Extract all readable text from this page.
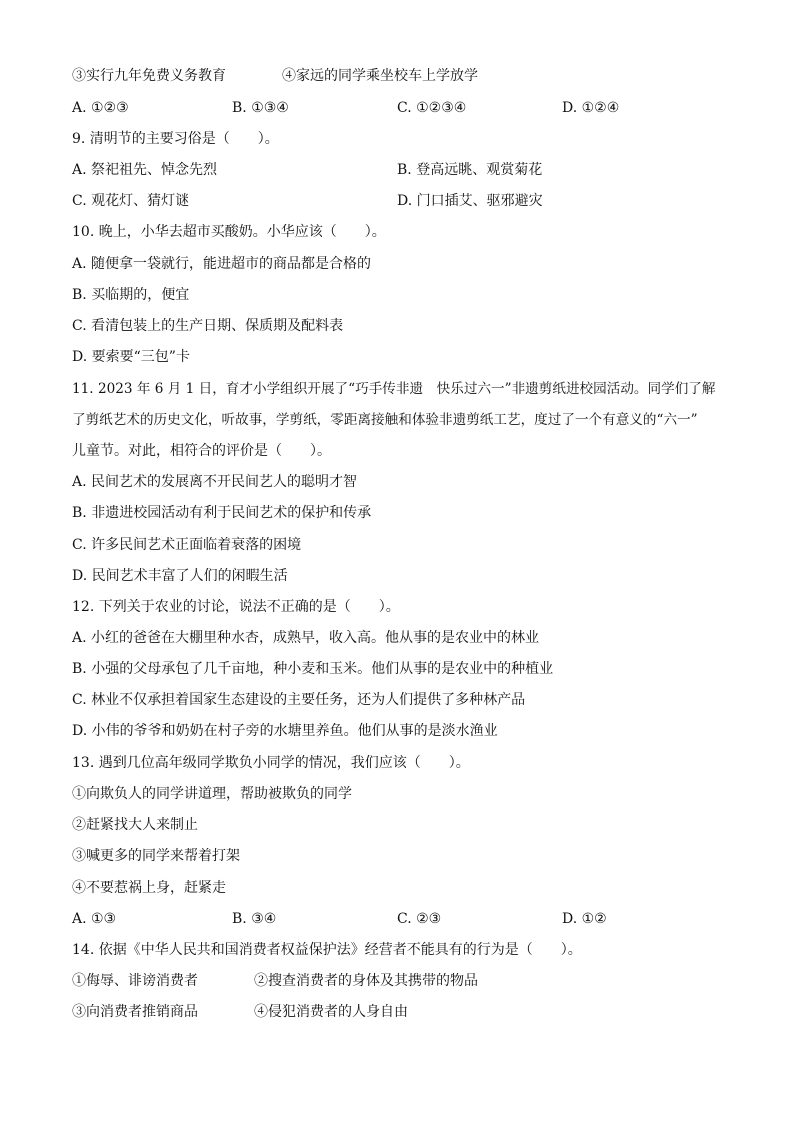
③实行九年免费义务教育	④家远的同学乘坐校车上学放学
A. ①②③	B. ①③④	C. ①②③④	D. ①②④
9. 清明节的主要习俗是（　　）。
A. 祭祀祖先、悼念先烈	B. 登高远眺、观赏菊花
C. 观花灯、猜灯谜	D. 门口插艾、驱邪避灾
10. 晚上，小华去超市买酸奶。小华应该（　　）。
A. 随便拿一袋就行，能进超市的商品都是合格的
B. 买临期的，便宜
C. 看清包装上的生产日期、保质期及配料表
D. 要索要“三包”卡
11. 2023 年 6 月 1 日，育才小学组织开展了“巧手传非遗　快乐过六一”非遗剪纸进校园活动。同学们了解
了剪纸艺术的历史文化，听故事，学剪纸，零距离接触和体验非遗剪纸工艺，度过了一个有意义的“六一”
儿童节。对此，相符合的评价是（　　）。
A. 民间艺术的发展离不开民间艺人的聪明才智
B. 非遗进校园活动有利于民间艺术的保护和传承
C. 许多民间艺术正面临着衰落的困境
D. 民间艺术丰富了人们的闲暇生活
12. 下列关于农业的讨论，说法不正确的是（　　）。
A. 小红的爸爸在大棚里种水杏，成熟早，收入高。他从事的是农业中的林业
B. 小强的父母承包了几千亩地，种小麦和玉米。他们从事的是农业中的种植业
C. 林业不仅承担着国家生态建设的主要任务，还为人们提供了多种林产品
D. 小伟的爷爷和奶奶在村子旁的水塘里养鱼。他们从事的是淡水渔业
13. 遇到几位高年级同学欺负小同学的情况，我们应该（　　）。
①向欺负人的同学讲道理，帮助被欺负的同学
②赶紧找大人来制止
③喊更多的同学来帮着打架
④不要惹祸上身，赶紧走
A. ①③	B. ③④	C. ②③	D. ①②
14. 依据《中华人民共和国消费者权益保护法》经营者不能具有的行为是（　　）。
①侮辱、诽谤消费者	②搜查消费者的身体及其携带的物品
③向消费者推销商品	④侵犯消费者的人身自由
